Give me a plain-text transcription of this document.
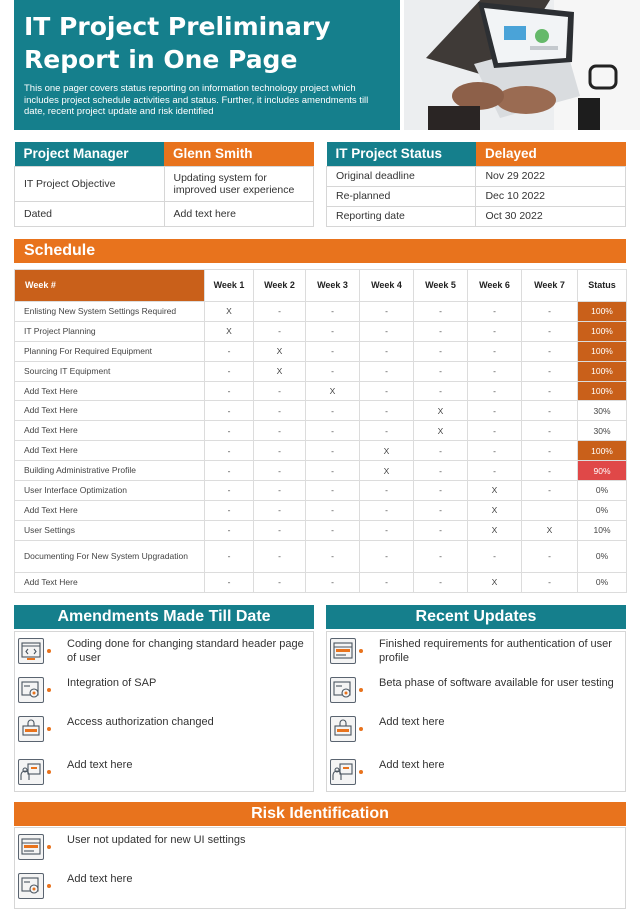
IT Project Preliminary Report in One Page

This one pager covers status reporting on information technology project which includes project schedule activities and status. Further, it includes amendments till date, recent project update and risk identified

Project Manager	Glenn Smith
IT Project Objective	Updating system for improved user experience
Dated	Add text here
IT Project Status	Delayed
Original deadline	Nov 29 2022
Re-planned	Dec 10 2022
Reporting date	Oct 30 2022
Schedule
Week #	Week 1	Week 2	Week 3	Week 4	Week 5	Week 6	Week 7	Status
Enlisting New System Settings Required	X	-	-	-	-	-	-	100%
IT Project Planning	X	-	-	-	-	-	-	100%
Planning For Required Equipment	-	X	-	-	-	-	-	100%
Sourcing IT Equipment	-	X	-	-	-	-	-	100%
Add Text Here	-	-	X	-	-	-	-	100%
Add Text Here	-	-	-	-	X	-	-	30%
Add Text Here	-	-	-	-	X	-	-	30%
Add Text Here	-	-	-	X	-	-	-	100%
Building Administrative Profile	-	-	-	X	-	-	-	90%
User Interface Optimization	-	-	-	-	-	X	-	0%
Add Text Here	-	-	-	-	-	X		0%
User Settings	-	-	-	-	-	X	X	10%
Documenting For New System Upgradation	-	-	-	-	-	-	-	0%
Add Text Here	-	-	-	-	-	X	-	0%
Amendments Made Till Date
Coding done for changing standard header page of user
Integration of SAP
Access authorization changed
Add text here
Recent Updates
Finished requirements for authentication of user profile
Beta phase of software available for user testing
Add text here
Add text here
Risk Identification
User not updated for new UI settings
Add text here
